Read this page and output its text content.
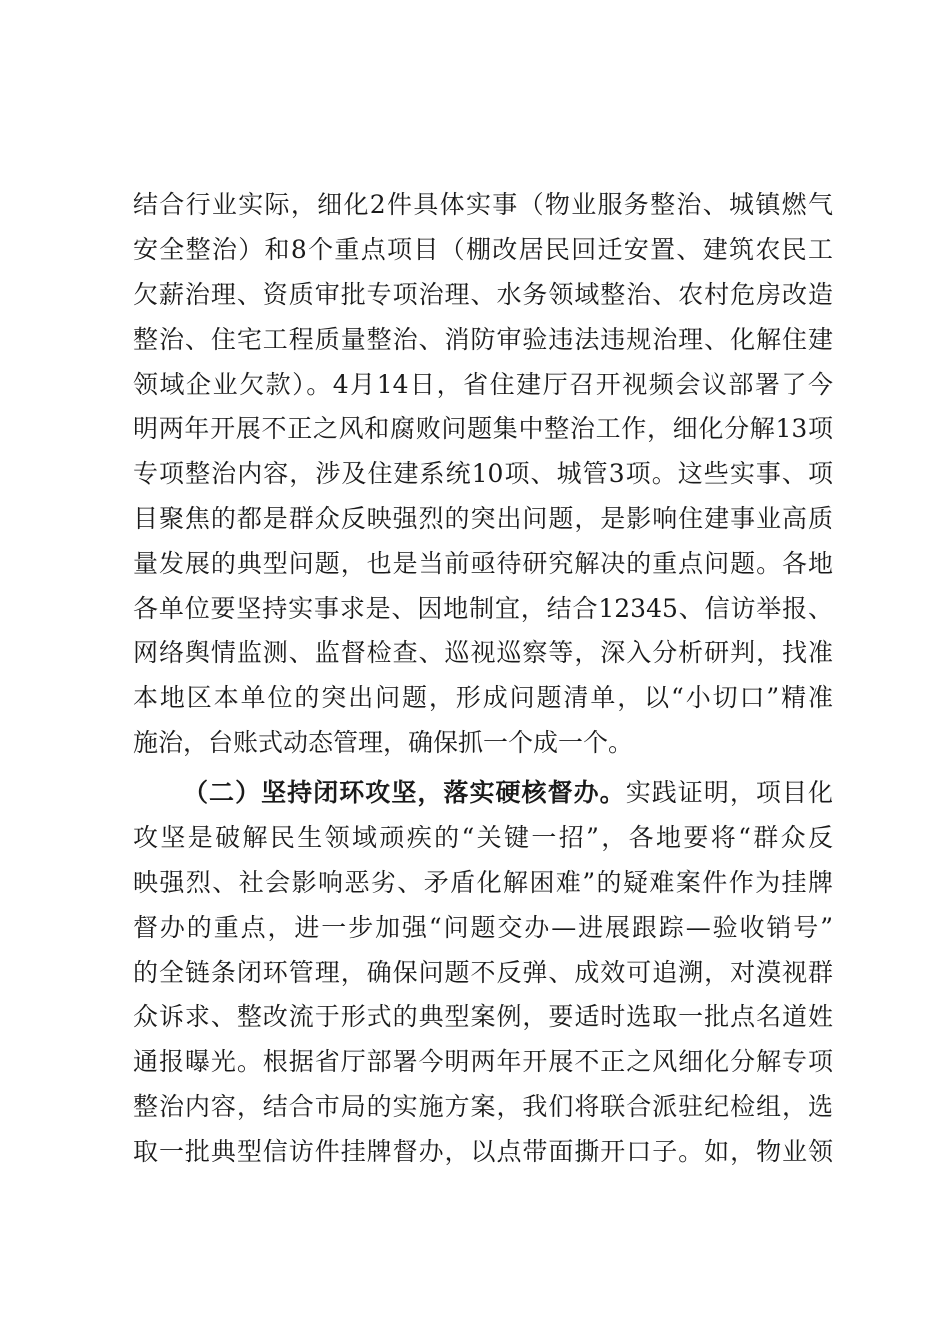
结合行业实际，细化2件具体实事（物业服务整治、城镇燃气
安全整治）和8个重点项目（棚改居民回迁安置、建筑农民工
欠薪治理、资质审批专项治理、水务领域整治、农村危房改造
整治、住宅工程质量整治、消防审验违法违规治理、化解住建
领域企业欠款）。4月14日，省住建厅召开视频会议部署了今
明两年开展不正之风和腐败问题集中整治工作，细化分解13项
专项整治内容，涉及住建系统10项、城管3项。这些实事、项
目聚焦的都是群众反映强烈的突出问题，是影响住建事业高质
量发展的典型问题，也是当前亟待研究解决的重点问题。各地
各单位要坚持实事求是、因地制宜，结合12345、信访举报、
网络舆情监测、监督检查、巡视巡察等，深入分析研判，找准
本地区本单位的突出问题，形成问题清单，以“小切口”精准
施治，台账式动态管理，确保抓一个成一个。
（二）坚持闭环攻坚，落实硬核督办。实践证明，项目化
攻坚是破解民生领域顽疾的“关键一招”，各地要将“群众反
映强烈、社会影响恶劣、矛盾化解困难”的疑难案件作为挂牌
督办的重点，进一步加强“问题交办—进展跟踪—验收销号”
的全链条闭环管理，确保问题不反弹、成效可追溯，对漠视群
众诉求、整改流于形式的典型案例，要适时选取一批点名道姓
通报曝光。根据省厅部署今明两年开展不正之风细化分解专项
整治内容，结合市局的实施方案，我们将联合派驻纪检组，选
取一批典型信访件挂牌督办，以点带面撕开口子。如，物业领
